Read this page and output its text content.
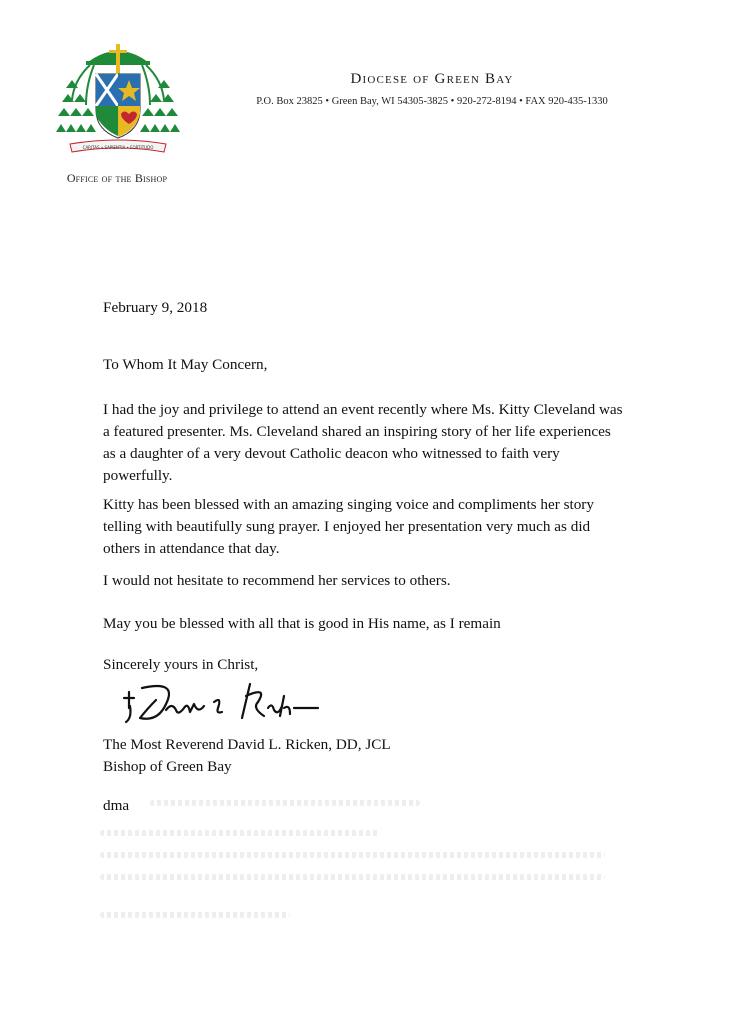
CARITAS • SAPIENTIA • FORTITUDO
Office of the Bishop
Diocese of Green Bay
P.O. Box 23825 • Green Bay, WI 54305-3825 • 920-272-8194 • FAX 920-435-1330
February 9, 2018
To Whom It May Concern,
I had the joy and privilege to attend an event recently where Ms. Kitty Cleveland was a featured presenter. Ms. Cleveland shared an inspiring story of her life experiences as a daughter of a very devout Catholic deacon who witnessed to faith very powerfully.
Kitty has been blessed with an amazing singing voice and compliments her story telling with beautifully sung prayer. I enjoyed her presentation very much as did others in attendance that day.
I would not hesitate to recommend her services to others.
May you be blessed with all that is good in His name, as I remain
Sincerely yours in Christ,
The Most Reverend David L. Ricken, DD, JCL
Bishop of Green Bay
dma
